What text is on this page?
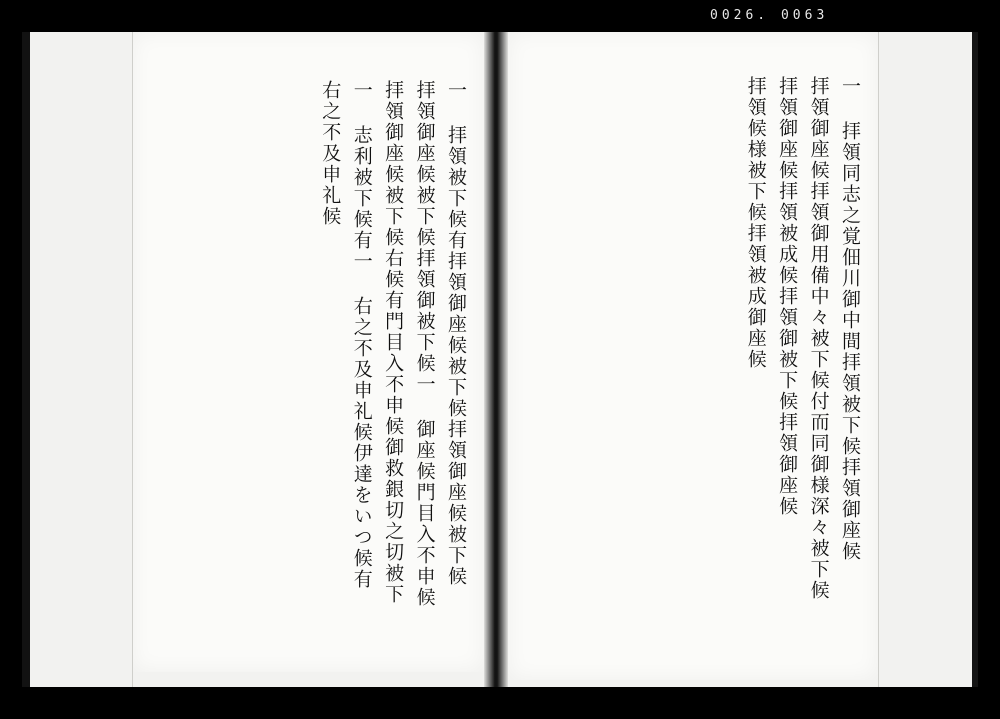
0026. 0063
一 拝領同志之覚佃川御中間拝領被下候拝領御座候拝領御座候拝領御用備中々被下候付而同御様深々被下候拝領御座候拝領被成候拝領御被下候拝領御座候拝領候様被下候拝領被成御座候
一 拝領被下候有拝領御座候被下候拝領御座候被下候拝領御座候被下候拝領御被下候一 御座候門目入不申候拝領御座候被下候右候有門目入不申候御救銀切之切被下一 志利被下候有一 右之不及申礼候伊達をいつ候有右之不及申礼候
